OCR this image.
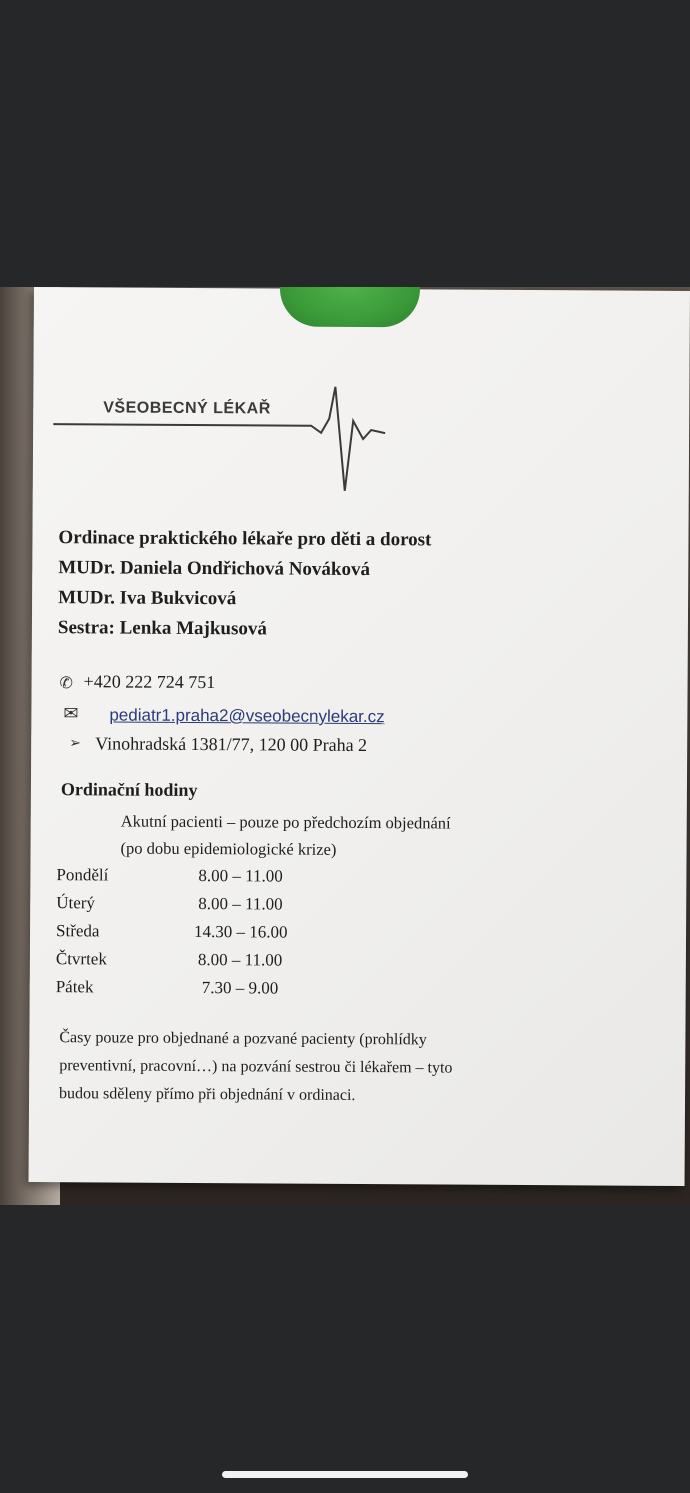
VŠEOBECNÝ LÉKAŘ
Ordinace praktického lékaře pro děti a dorost
MUDr. Daniela Ondřichová Nováková
MUDr. Iva Bukvicová
Sestra: Lenka Majkusová
✆ +420 222 724 751
✉ pediatr1.praha2@vseobecnylekar.cz
➢ Vinohradská 1381/77, 120 00 Praha 2
Ordinační hodiny
Akutní pacienti – pouze po předchozím objednání
(po dobu epidemiologické krize)
Pondělí	8.00 – 11.00
Úterý	8.00 – 11.00
Středa	14.30 – 16.00
Čtvrtek	8.00 – 11.00
Pátek	7.30 – 9.00
Časy pouze pro objednané a pozvané pacienty (prohlídky
preventivní, pracovní…) na pozvání sestrou či lékařem – tyto
budou sděleny přímo při objednání v ordinaci.
